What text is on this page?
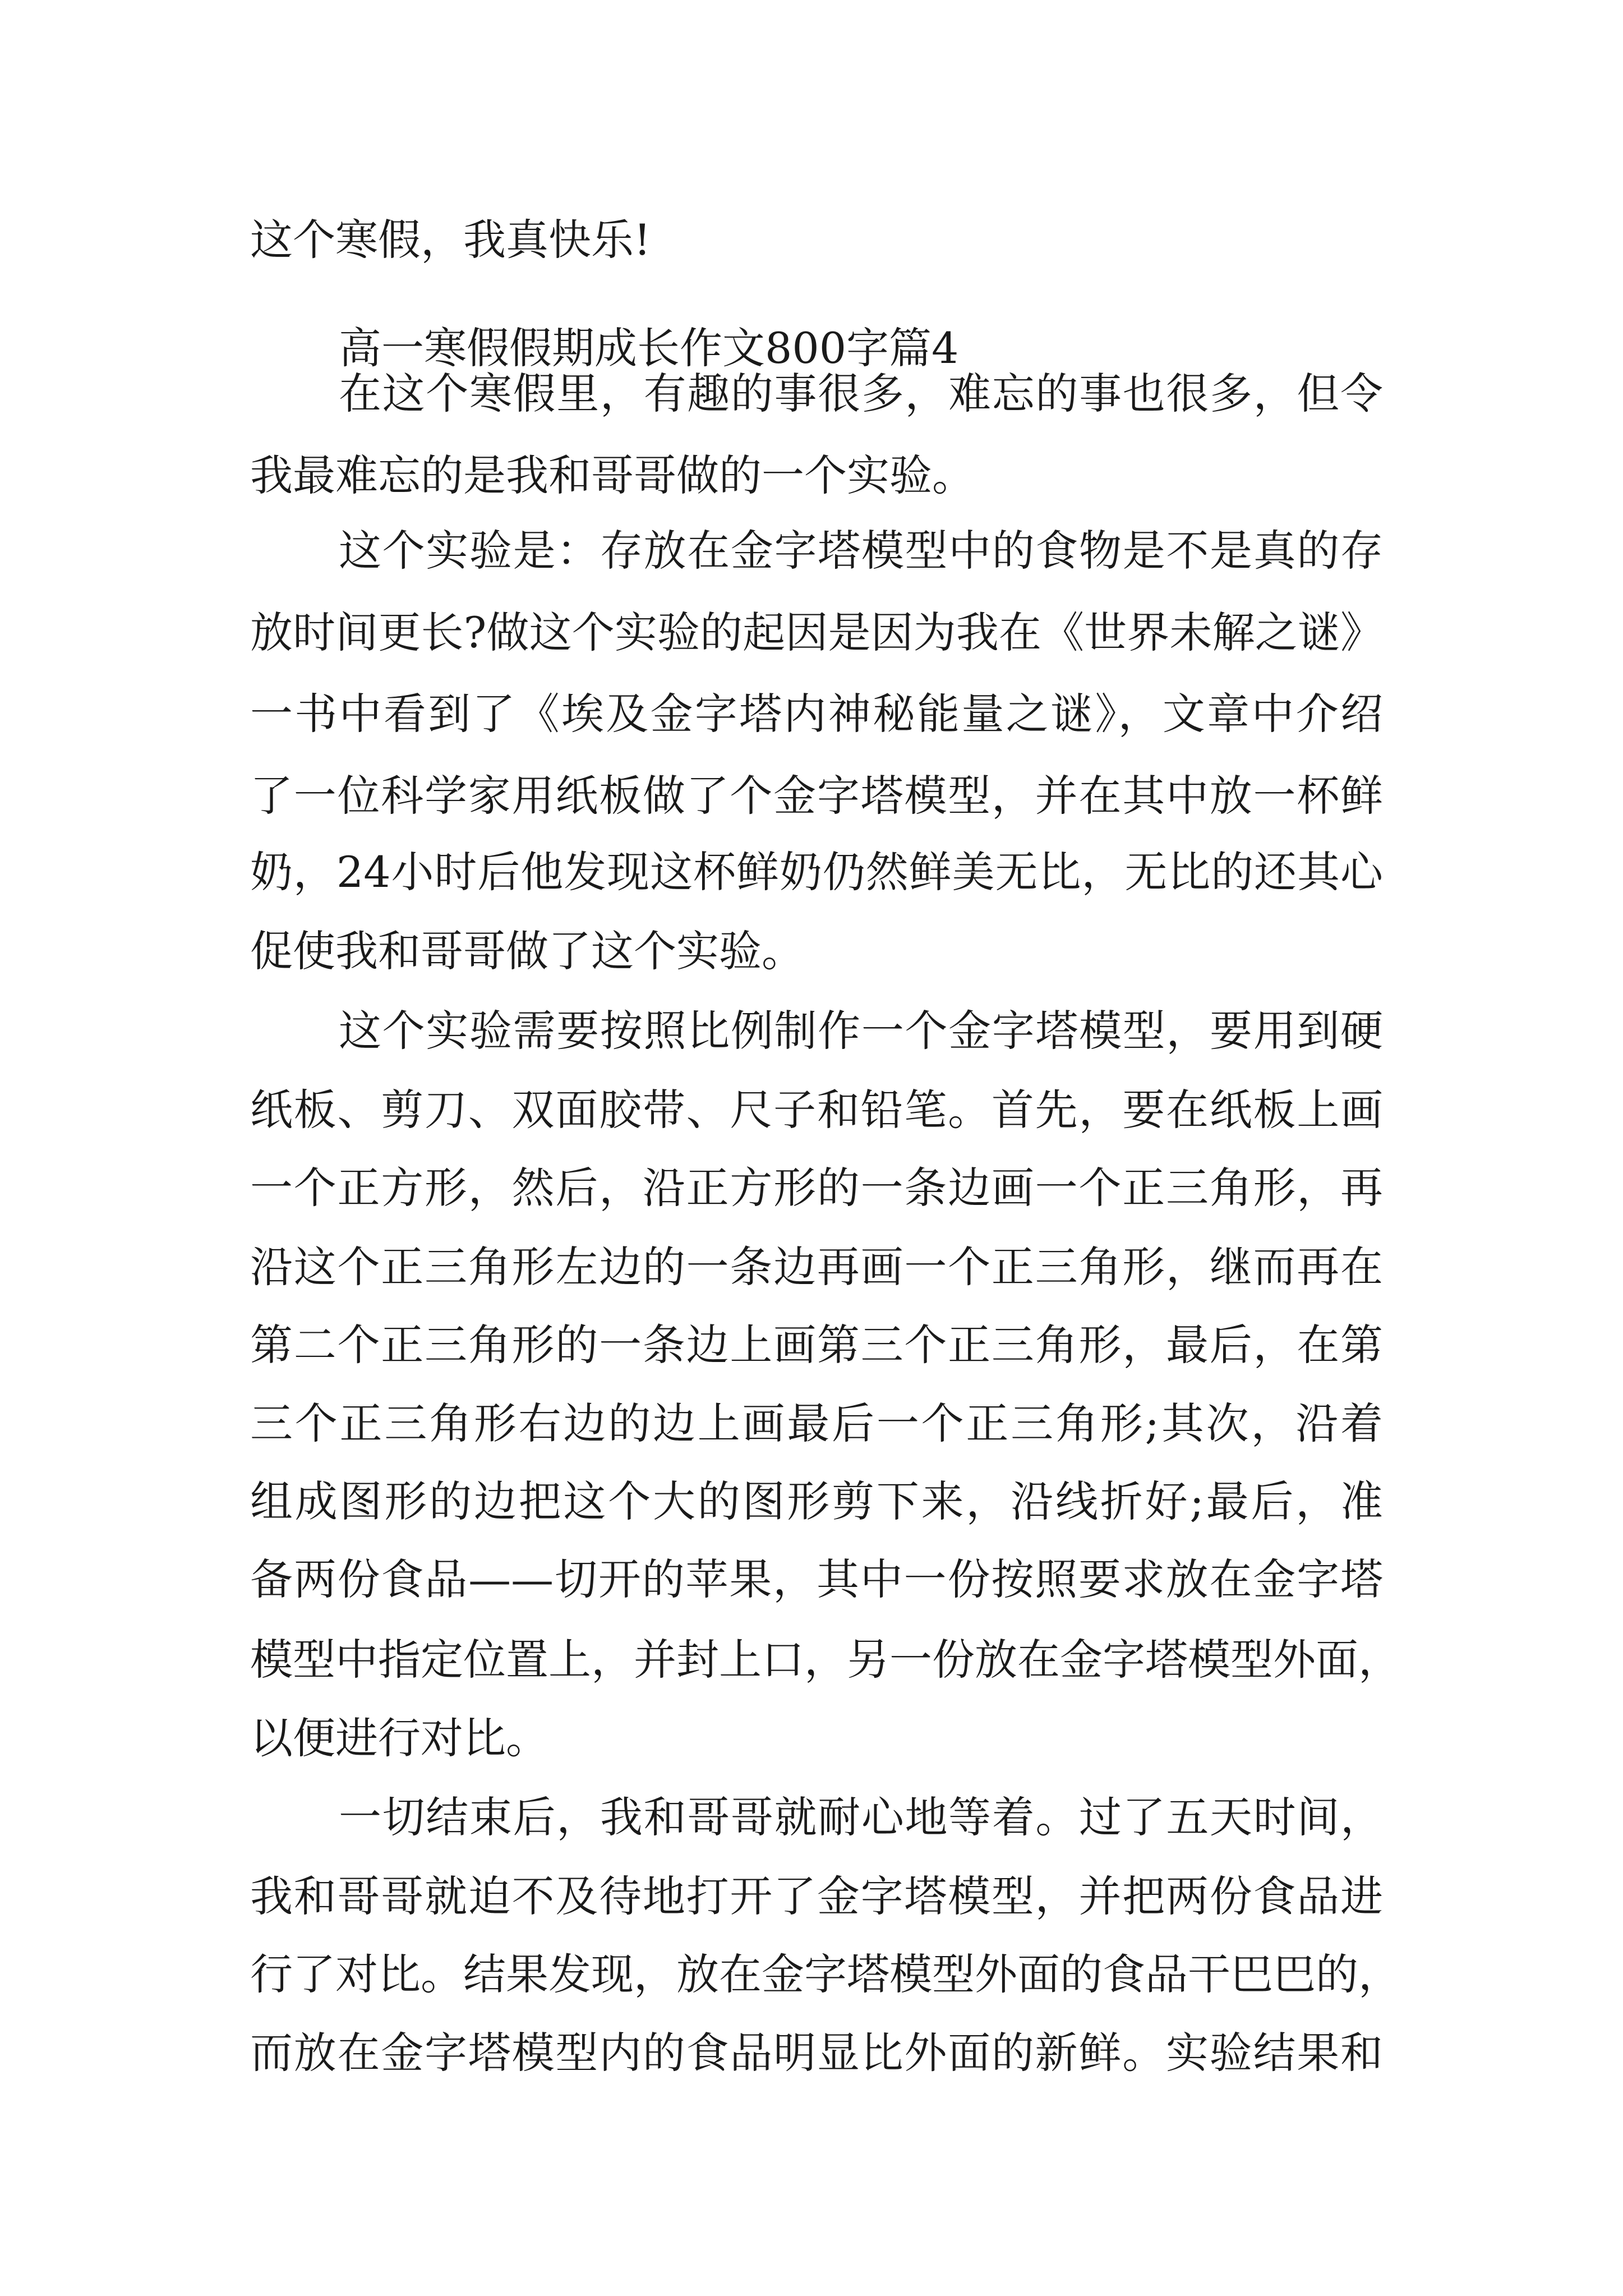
这个寒假，我真快乐!
高一寒假假期成长作文800字篇4
在这个寒假里，有趣的事很多，难忘的事也很多，但令
我最难忘的是我和哥哥做的一个实验。
这个实验是：存放在金字塔模型中的食物是不是真的存
放时间更长?做这个实验的起因是因为我在《世界未解之谜》
一书中看到了《埃及金字塔内神秘能量之谜》，文章中介绍
了一位科学家用纸板做了个金字塔模型，并在其中放一杯鲜
奶，24小时后他发现这杯鲜奶仍然鲜美无比，无比的还其心
促使我和哥哥做了这个实验。
这个实验需要按照比例制作一个金字塔模型，要用到硬
纸板、剪刀、双面胶带、尺子和铅笔。首先，要在纸板上画
一个正方形，然后，沿正方形的一条边画一个正三角形，再
沿这个正三角形左边的一条边再画一个正三角形，继而再在
第二个正三角形的一条边上画第三个正三角形，最后，在第
三个正三角形右边的边上画最后一个正三角形;其次，沿着
组成图形的边把这个大的图形剪下来，沿线折好;最后，准
备两份食品——切开的苹果，其中一份按照要求放在金字塔
模型中指定位置上，并封上口，另一份放在金字塔模型外面，
以便进行对比。
一切结束后，我和哥哥就耐心地等着。过了五天时间，
我和哥哥就迫不及待地打开了金字塔模型，并把两份食品进
行了对比。结果发现，放在金字塔模型外面的食品干巴巴的，
而放在金字塔模型内的食品明显比外面的新鲜。实验结果和
